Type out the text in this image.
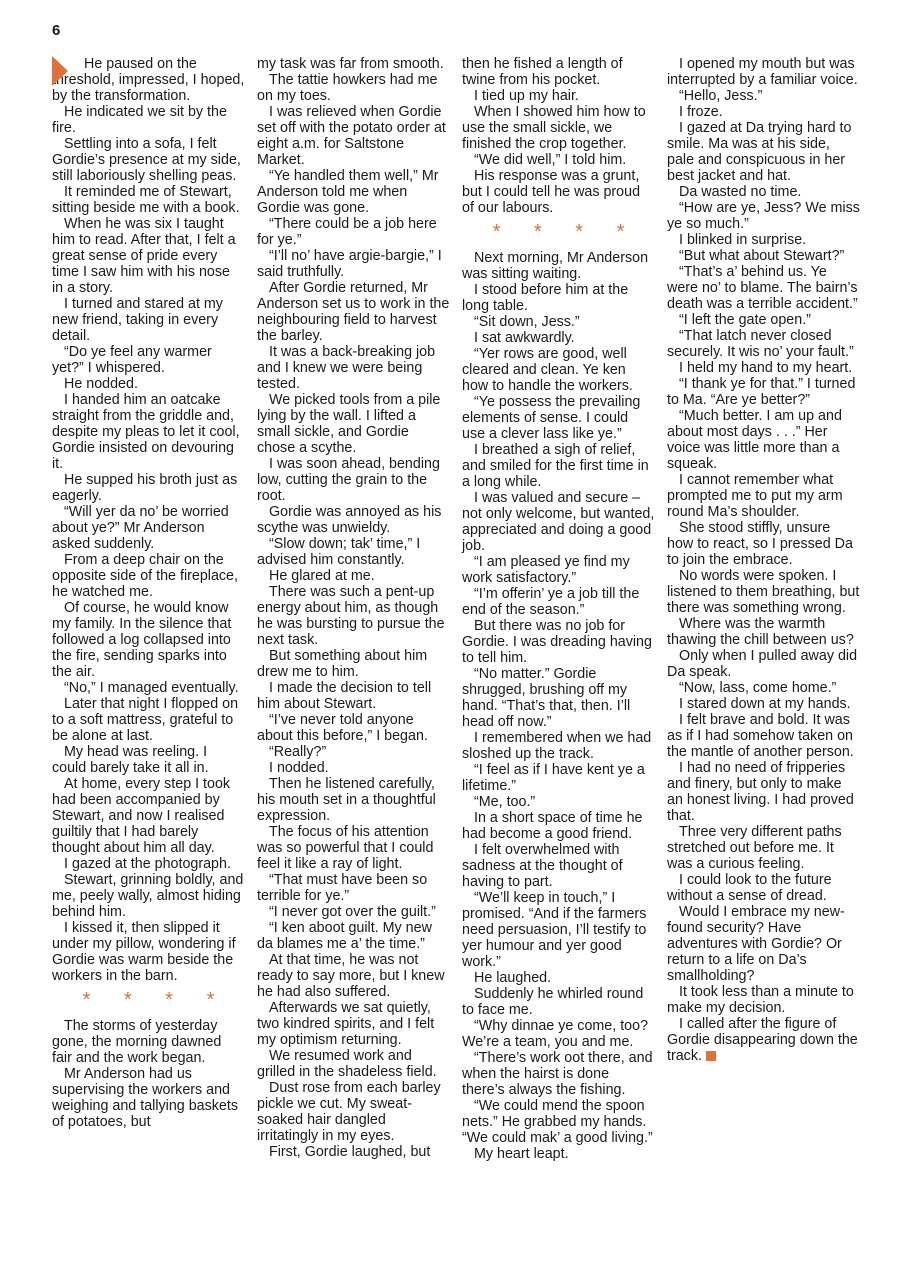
6

He paused on the threshold, impressed, I hoped, by the transformation.

He indicated we sit by the fire.

Settling into a sofa, I felt Gordie’s presence at my side, still laboriously shelling peas.

It reminded me of Stewart, sitting beside me with a book.

When he was six I taught him to read. After that, I felt a great sense of pride every time I saw him with his nose in a story.

I turned and stared at my new friend, taking in every detail.

“Do ye feel any warmer yet?” I whispered.

He nodded.

I handed him an oatcake straight from the griddle and, despite my pleas to let it cool, Gordie insisted on devouring it.

He supped his broth just as eagerly.

“Will yer da no’ be worried about ye?” Mr Anderson asked suddenly.

From a deep chair on the opposite side of the fireplace, he watched me.

Of course, he would know my family. In the silence that followed a log collapsed into the fire, sending sparks into the air.

“No,” I managed eventually.

Later that night I flopped on to a soft mattress, grateful to be alone at last.

My head was reeling. I could barely take it all in.

At home, every step I took had been accompanied by Stewart, and now I realised guiltily that I had barely thought about him all day.

I gazed at the photograph.

Stewart, grinning boldly, and me, peely wally, almost hiding behind him.

I kissed it, then slipped it under my pillow, wondering if Gordie was warm beside the workers in the barn.

* * * *

The storms of yesterday gone, the morning dawned fair and the work began.

Mr Anderson had us supervising the workers and weighing and tallying baskets of potatoes, but

my task was far from smooth.

The tattie howkers had me on my toes.

I was relieved when Gordie set off with the potato order at eight a.m. for Saltstone Market.

“Ye handled them well,” Mr Anderson told me when Gordie was gone.

“There could be a job here for ye.”

“I’ll no’ have argie-bargie,” I said truthfully.

After Gordie returned, Mr Anderson set us to work in the neighbouring field to harvest the barley.

It was a back-breaking job and I knew we were being tested.

We picked tools from a pile lying by the wall. I lifted a small sickle, and Gordie chose a scythe.

I was soon ahead, bending low, cutting the grain to the root.

Gordie was annoyed as his scythe was unwieldy.

“Slow down; tak’ time,” I advised him constantly.

He glared at me.

There was such a pent-up energy about him, as though he was bursting to pursue the next task.

But something about him drew me to him.

I made the decision to tell him about Stewart.

“I’ve never told anyone about this before,” I began.

“Really?”

I nodded.

Then he listened carefully, his mouth set in a thoughtful expression.

The focus of his attention was so powerful that I could feel it like a ray of light.

“That must have been so terrible for ye.”

“I never got over the guilt.”

“I ken aboot guilt. My new da blames me a’ the time.”

At that time, he was not ready to say more, but I knew he had also suffered.

Afterwards we sat quietly, two kindred spirits, and I felt my optimism returning.

We resumed work and grilled in the shadeless field.

Dust rose from each barley pickle we cut. My sweat-soaked hair dangled irritatingly in my eyes.

First, Gordie laughed, but

then he fished a length of twine from his pocket.

I tied up my hair.

When I showed him how to use the small sickle, we finished the crop together.

“We did well,” I told him.

His response was a grunt, but I could tell he was proud of our labours.

* * * *

Next morning, Mr Anderson was sitting waiting.

I stood before him at the long table.

“Sit down, Jess.”

I sat awkwardly.

“Yer rows are good, well cleared and clean. Ye ken how to handle the workers.

“Ye possess the prevailing elements of sense. I could use a clever lass like ye.”

I breathed a sigh of relief, and smiled for the first time in a long while.

I was valued and secure – not only welcome, but wanted, appreciated and doing a good job.

“I am pleased ye find my work satisfactory.”

“I’m offerin’ ye a job till the end of the season.”

But there was no job for Gordie. I was dreading having to tell him.

“No matter.” Gordie shrugged, brushing off my hand. “That’s that, then. I’ll head off now.”

I remembered when we had sloshed up the track.

“I feel as if I have kent ye a lifetime.”

“Me, too.”

In a short space of time he had become a good friend.

I felt overwhelmed with sadness at the thought of having to part.

“We’ll keep in touch,” I promised. “And if the farmers need persuasion, I’ll testify to yer humour and yer good work.”

He laughed.

Suddenly he whirled round to face me.

“Why dinnae ye come, too? We’re a team, you and me.

“There’s work oot there, and when the hairst is done there’s always the fishing.

“We could mend the spoon nets.” He grabbed my hands. “We could mak’ a good living.”

My heart leapt.

I opened my mouth but was interrupted by a familiar voice.

“Hello, Jess.”

I froze.

I gazed at Da trying hard to smile. Ma was at his side, pale and conspicuous in her best jacket and hat.

Da wasted no time.

“How are ye, Jess? We miss ye so much.”

I blinked in surprise.

“But what about Stewart?”

“That’s a’ behind us. Ye were no’ to blame. The bairn’s death was a terrible accident.”

“I left the gate open.”

“That latch never closed securely. It wis no’ your fault.”

I held my hand to my heart.

“I thank ye for that.” I turned to Ma. “Are ye better?”

“Much better. I am up and about most days . . .” Her voice was little more than a squeak.

I cannot remember what prompted me to put my arm round Ma’s shoulder.

She stood stiffly, unsure how to react, so I pressed Da to join the embrace.

No words were spoken. I listened to them breathing, but there was something wrong.

Where was the warmth thawing the chill between us?

Only when I pulled away did Da speak.

“Now, lass, come home.”

I stared down at my hands.

I felt brave and bold. It was as if I had somehow taken on the mantle of another person.

I had no need of fripperies and finery, but only to make an honest living. I had proved that.

Three very different paths stretched out before me. It was a curious feeling.

I could look to the future without a sense of dread.

Would I embrace my new-found security? Have adventures with Gordie? Or return to a life on Da’s smallholding?

It took less than a minute to make my decision.

I called after the figure of Gordie disappearing down the track.
